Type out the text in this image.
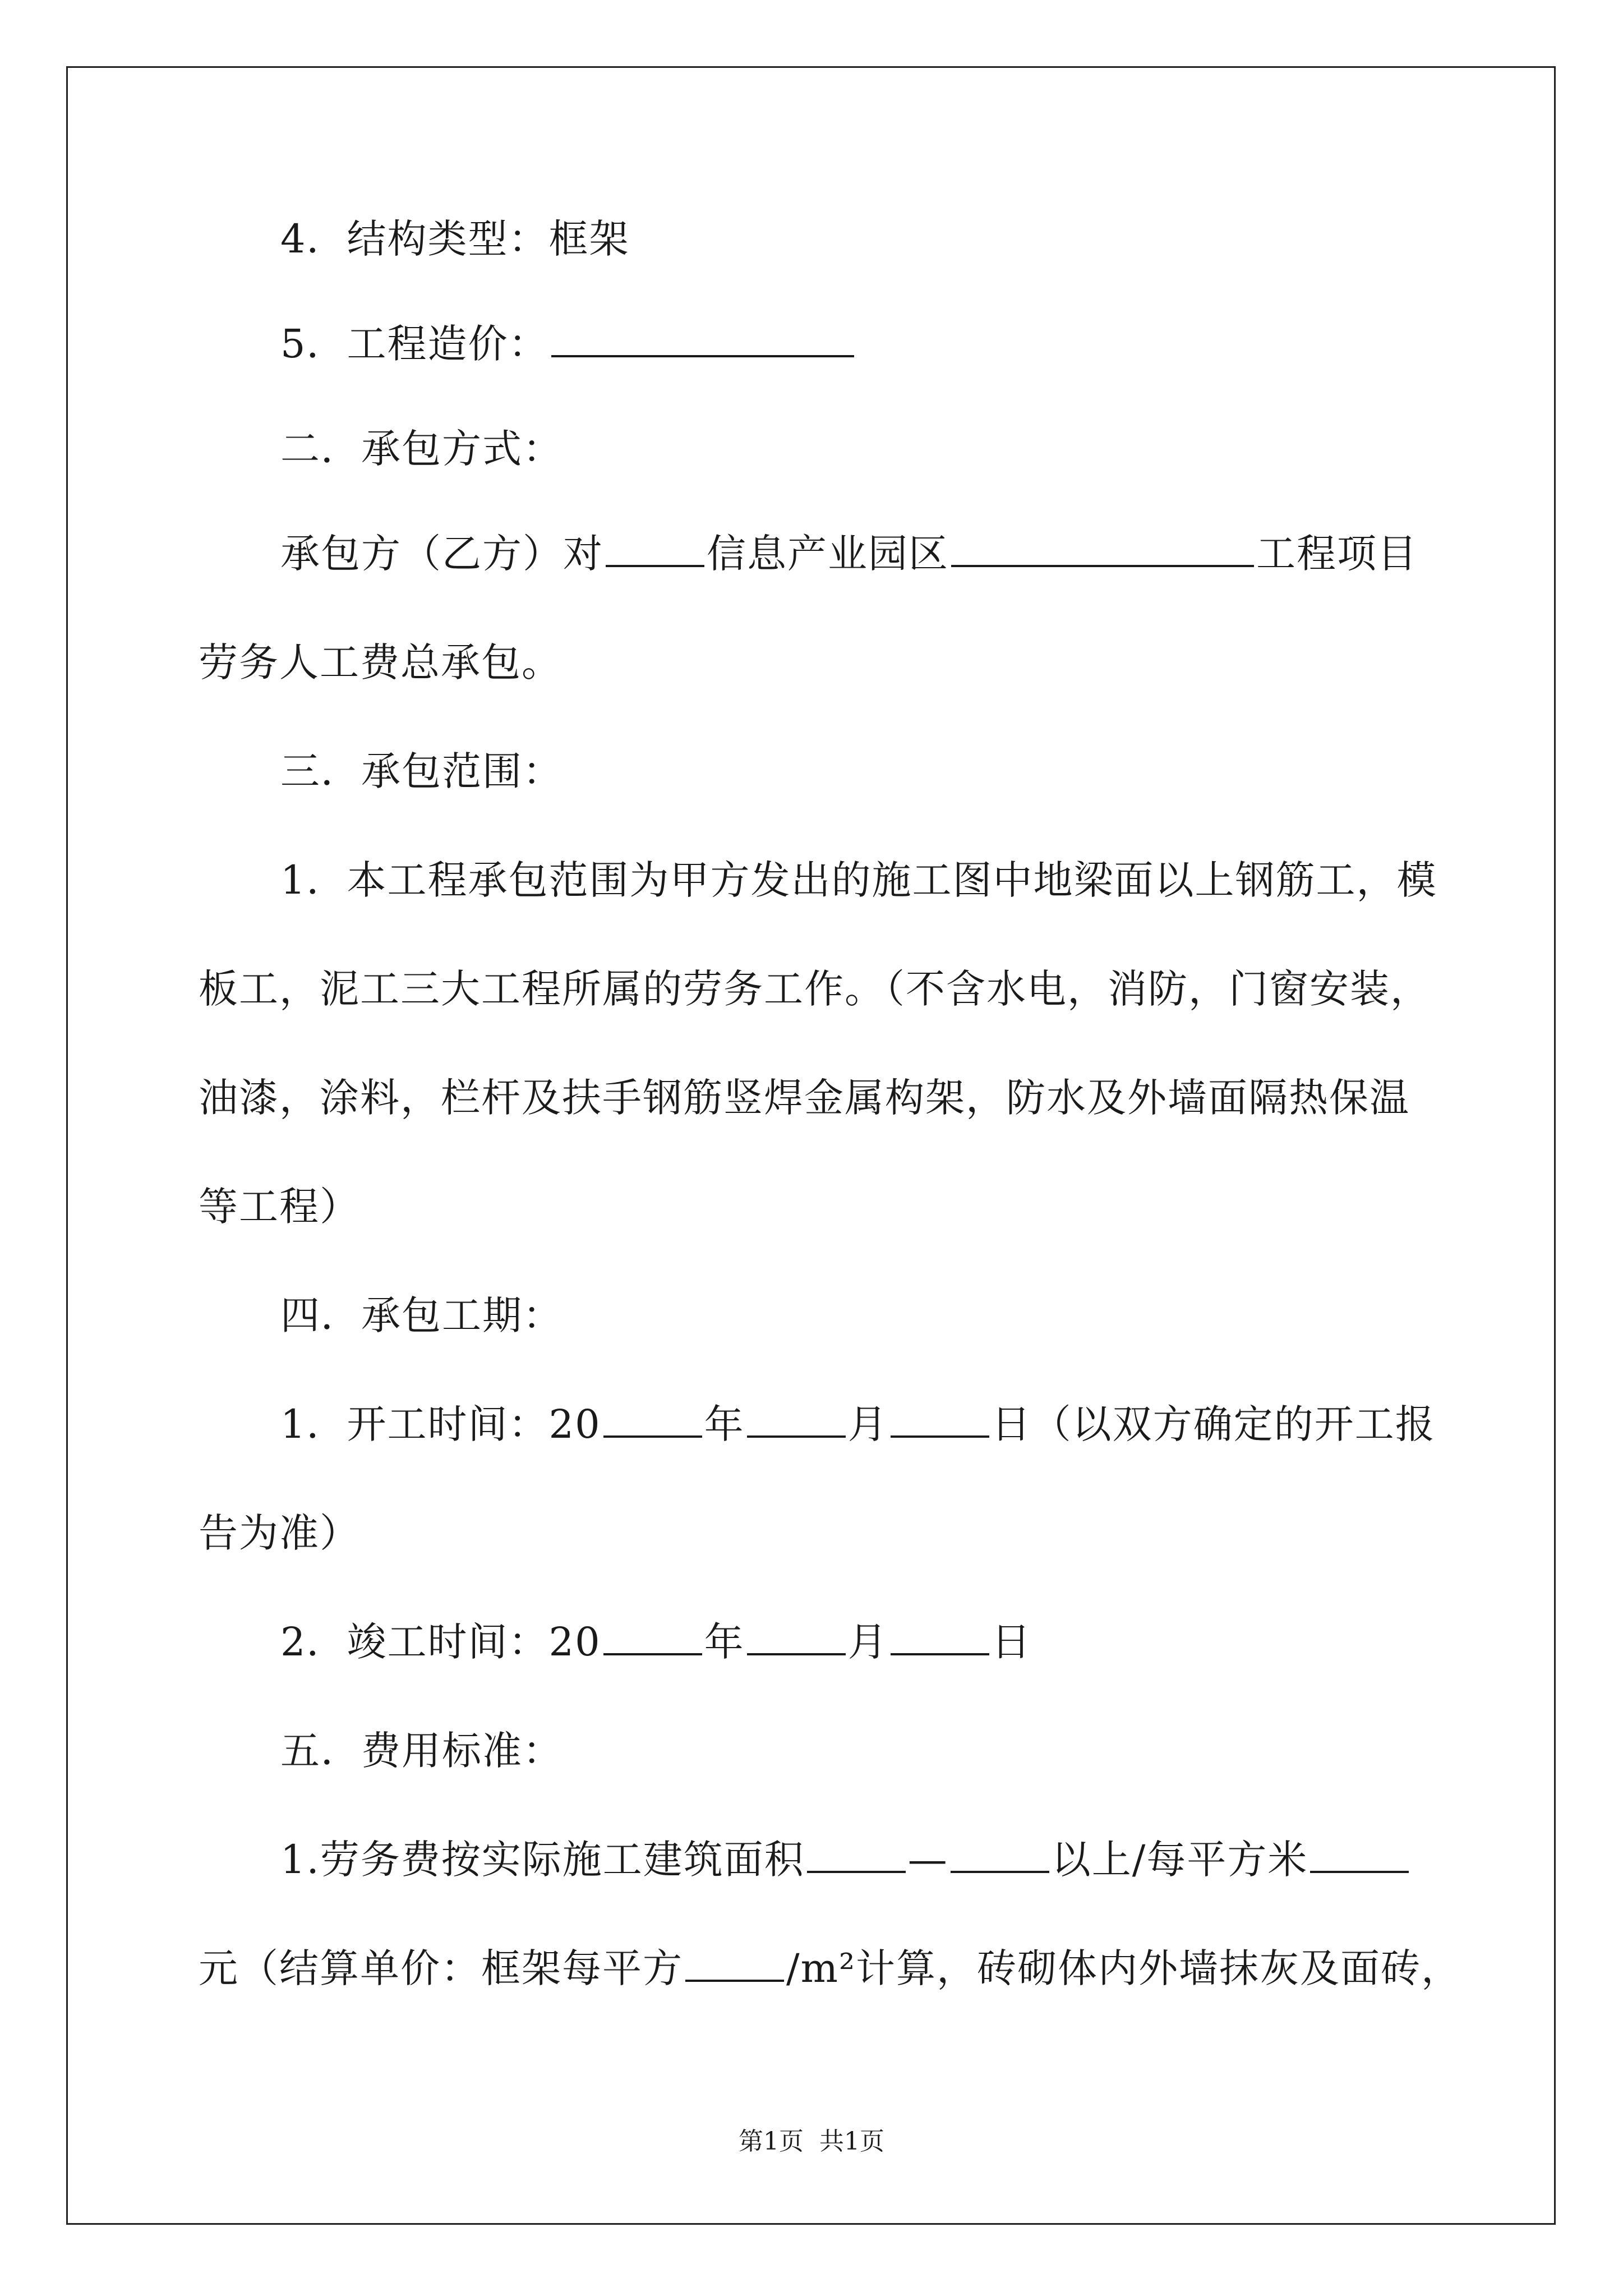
4．结构类型：框架
5．工程造价：
二．承包方式：
承包方（乙方）对	信息产业园区	工程项目
劳务人工费总承包。
三．承包范围：
1．本工程承包范围为甲方发出的施工图中地梁面以上钢筋工，模
板工，泥工三大工程所属的劳务工作。（不含水电，消防，门窗安装，
油漆，涂料，栏杆及扶手钢筋竖焊金属构架，防水及外墙面隔热保温
等工程）
四．承包工期：
1．开工时间：20	年	月	日（以双方确定的开工报
告为准）
2．竣工时间：20	年	月	日
五．费用标准：
1.劳务费按实际施工建筑面积	—	以上/每平方米
元（结算单价：框架每平方	/m²计算，砖砌体内外墙抹灰及面砖，
第1页 共1页
